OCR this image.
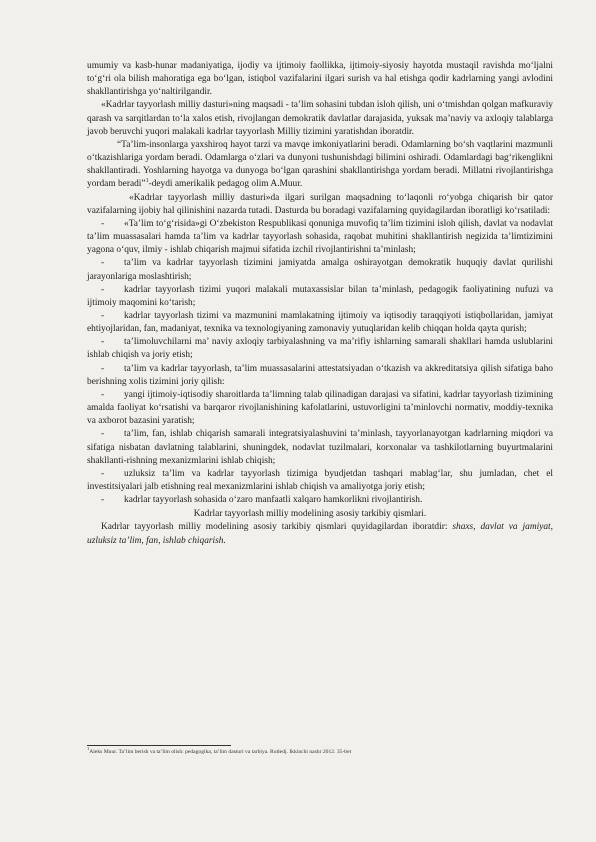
umumiy va kasb-hunar madaniyatiga, ijodiy va ijtimoiy faollikka, ijtimoiy-siyosiy hayotda mustaqil ravishda mo‘ljalni to‘g‘ri ola bilish mahoratiga ega bo‘lgan, istiqbol vazifalarini ilgari surish va hal etishga qodir kadrlarning yangi avlodini shakllantirishga yo‘naltirilgandir.

«Kadrlar tayyorlash milliy dasturi»ning maqsadi - ta’lim sohasini tubdan isloh qilish, uni o‘tmishdan qolgan mafkuraviy qarash va sarqitlardan to‘la xalos etish, rivojlangan demokratik davlatlar darajasida, yuksak ma’naviy va axloqiy talablarga javob beruvchi yuqori malakali kadrlar tayyorlash Milliy tizimini yaratishdan iboratdir.

“Ta’lim-insonlarga yaxshiroq hayot tarzi va mavqe imkoniyatlarini beradi. Odamlarning bo‘sh vaqtlarini mazmunli o‘tkazishlariga yordam beradi. Odamlarga o‘zlari va dunyoni tushunishdagi bilimini oshiradi. Odamlardagi bag‘rikenglikni shakllantiradi. Yoshlarning hayotga va dunyoga bo‘lgan qarashini shakllantirishga yordam beradi. Millatni rivojlantirishga yordam beradi”$^1$-deydi amerikalik pedagog olim A.Muur.

«Kadrlar tayyorlash milliy dasturi»da ilgari surilgan maqsadning to‘laqonli ro‘yobga chiqarish bir qator vazifalarning ijobiy hal qilinishini nazarda tutadi. Dasturda bu boradagi vazifalarning quyidagilardan iboratligi ko‘rsatiladi:

- «Ta’lim to‘g‘risida»gi O‘zbekiston Respublikasi qonuniga muvofiq ta’lim tizimini isloh qilish, davlat va nodavlat ta’lim muassasalari hamda ta’lim va kadrlar tayyorlash sohasida, raqobat muhitini shakllantirish negizida ta’limtizimini yagona o‘quv, ilmiy - ishlab chiqarish majmui sifatida izchil rivojlantirishni ta’minlash;

- ta’lim va kadrlar tayyorlash tizimini jamiyatda amalga oshirayotgan demokratik huquqiy davlat qurilishi jarayonlariga moslashtirish;

- kadrlar tayyorlash tizimi yuqori malakali mutaxassislar bilan ta’minlash, pedagogik faoliyatining nufuzi va ijtimoiy maqomini ko‘tarish;

- kadrlar tayyorlash tizimi va mazmunini mamlakatning ijtimoiy va iqtisodiy taraqqiyoti istiqbollaridan, jamiyat ehtiyojlaridan, fan, madaniyat, texnika va texnologiyaning zamonaviy yutuqlaridan kelib chiqqan holda qayta qurish;

- ta’limoluvchilarni ma’ naviy axloqiy tarbiyalashning va ma’rifiy ishlarning samarali shakllari hamda uslublarini ishlab chiqish va joriy etish;

- ta’lim va kadrlar tayyorlash, ta’lim muassasalarini attestatsiyadan o‘tkazish va akkreditatsiya qilish sifatiga baho berishning xolis tizimini joriy qilish:

- yangi ijtimoiy-iqtisodiy sharoitlarda ta’limning talab qilinadigan darajasi va sifatini, kadrlar tayyorlash tizimining amalda faoliyat ko‘rsatishi va barqaror rivojlanishining kafolatlarini, ustuvorligini ta’minlovchi normativ, moddiy-texnika va axborot bazasini yaratish;

- ta’lim, fan, ishlab chiqarish samarali integratsiyalashuvini ta’minlash, tayyorlanayotgan kadrlarning miqdori va sifatiga nisbatan davlatning talablarini, shuningdek, nodavlat tuzilmalari, korxonalar va tashkilotlarning buyurtmalarini shakllanti-rishning mexanizmlarini ishlab chiqish;

- uzluksiz ta’lim va kadrlar tayyorlash tizimiga byudjetdan tashqari mablag‘lar, shu jumladan, chet el investitsiyalari jalb etishning real mexanizmlarini ishlab chiqish va amaliyotga joriy etish;

- kadrlar tayyorlash sohasida o‘zaro manfaatli xalqaro hamkorlikni rivojlantirish.

Kadrlar tayyorlash milliy modelining asosiy tarkibiy qismlari.

Kadrlar tayyorlash milliy modelining asosiy tarkibiy qismlari quyidagilardan iboratdir: shaxs, davlat va jamiyat, uzluksiz ta’lim, fan, ishlab chiqarish.

$^1$Aleks Muur. Ta’lim berish va ta’lim olish: pedagogika, ta’lim dasturi va tarbiya. Rutledj. Ikkinchi nashr 2012. 35-bet
